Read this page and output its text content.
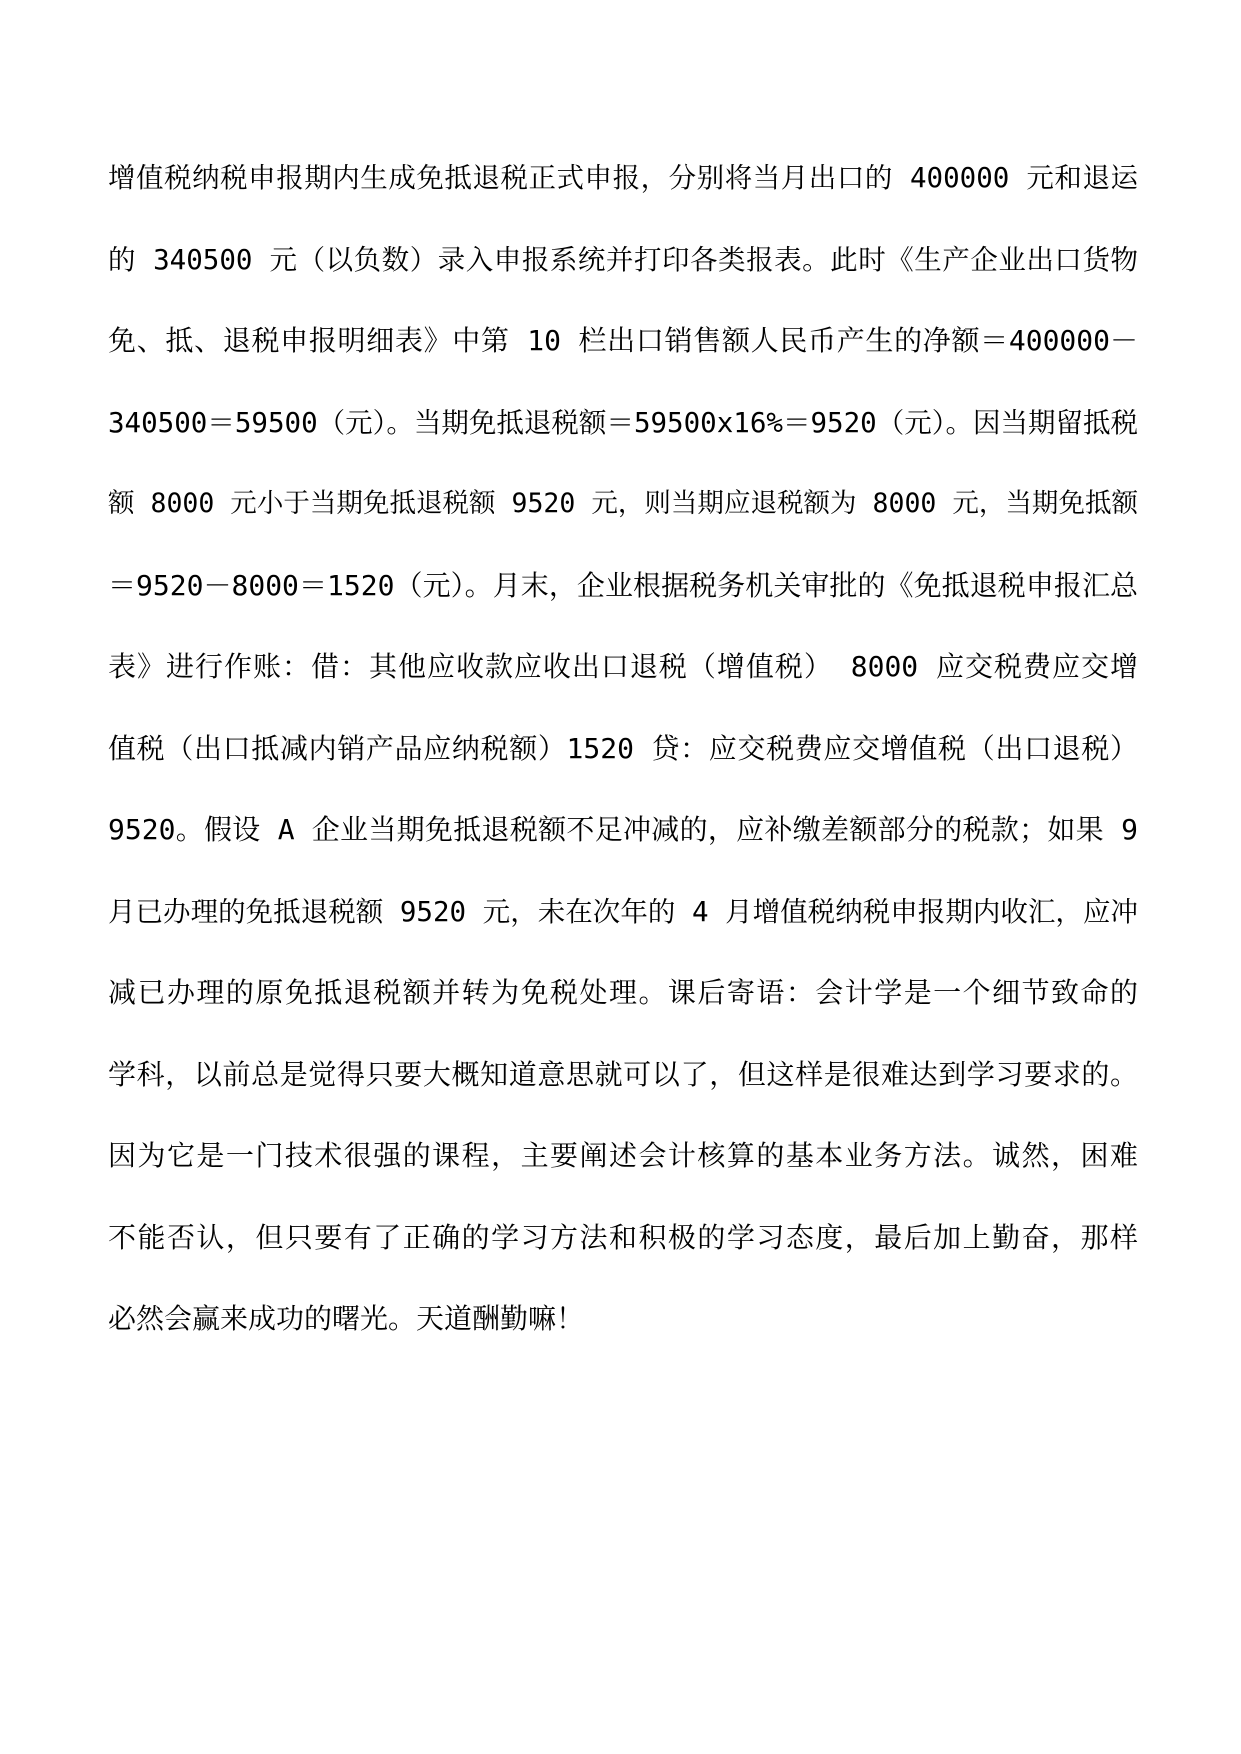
增值税纳税申报期内生成免抵退税正式申报，分别将当月出口的 400000 元和退运
的 340500 元（以负数）录入申报系统并打印各类报表。此时《生产企业出口货物
免、抵、退税申报明细表》中第 10 栏出口销售额人民币产生的净额＝400000－
340500＝59500（元）。当期免抵退税额＝59500x16%＝9520（元）。因当期留抵税
额 8000 元小于当期免抵退税额 9520 元，则当期应退税额为 8000 元，当期免抵额
＝9520－8000＝1520（元）。月末，企业根据税务机关审批的《免抵退税申报汇总
表》进行作账：借：其他应收款应收出口退税（增值税） 8000 应交税费应交增
值税（出口抵减内销产品应纳税额）1520 贷：应交税费应交增值税（出口退税）
9520。假设 A 企业当期免抵退税额不足冲减的，应补缴差额部分的税款；如果 9
月已办理的免抵退税额 9520 元，未在次年的 4 月增值税纳税申报期内收汇，应冲
减已办理的原免抵退税额并转为免税处理。课后寄语：会计学是一个细节致命的
学科，以前总是觉得只要大概知道意思就可以了，但这样是很难达到学习要求的。
因为它是一门技术很强的课程，主要阐述会计核算的基本业务方法。诚然，困难
不能否认，但只要有了正确的学习方法和积极的学习态度，最后加上勤奋，那样
必然会赢来成功的曙光。天道酬勤嘛！
